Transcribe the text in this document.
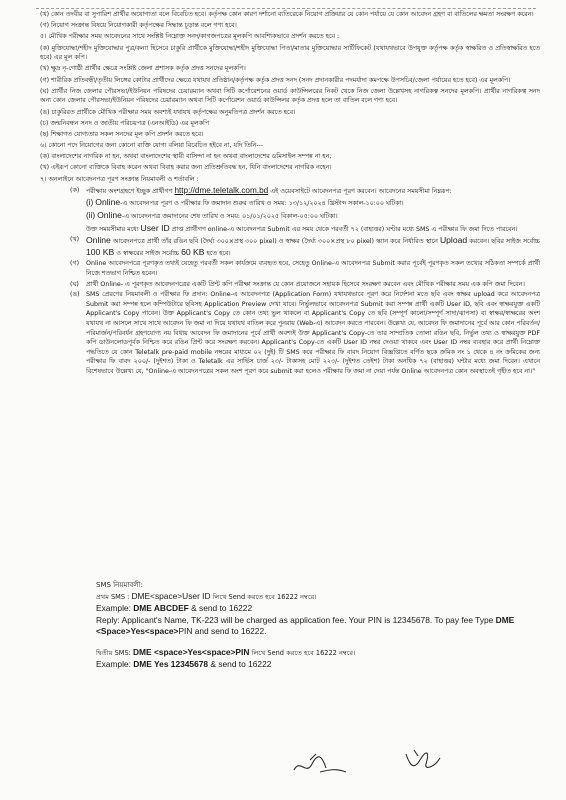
(খ) কোন তদবীর বা সুপারিশ প্রার্থীর অযোগ্যতা বলে বিবেচিত হবে। কর্তৃপক্ষ কোন কারণ দর্শানো ব্যতিরেকে নিয়োগ প্রক্রিয়ার যে কোন পর্যায়ে যে কোন আবেদন গ্রহণ বা বাতিলের ক্ষমতা সংরক্ষণ করেন।
(গ) নিয়োগ সংক্রান্ত বিষয়ে নিয়োগকারী কর্তৃপক্ষের সিদ্ধান্ত চূড়ান্ত বলে গণ্য হবে।
৫। মৌখিক পরীক্ষার সময় আবেদনের সাথে সংশ্লিষ্ট নিম্নোক্ত সনদ/কাগজপত্রের মূলকপি আবশ্যিকভাবে প্রদর্শন করতে হবে :
(ক) মুক্তিযোদ্ধা/শহীদ মুক্তিযোদ্ধার পুত্র/কন্যা হিসেবে চাকুরি প্রার্থীকে মুক্তিযোদ্ধা/শহীদ মুক্তিযোদ্ধা পিতা/মাতার মুক্তিযোদ্ধার সার্টিফিকেট (যথাযথভাবে উপযুক্ত কর্তৃপক্ষ কর্তৃক স্বাক্ষরিত ও প্রতিস্বাক্ষরিত হতে হবে) এর মূল কপি।
(খ) ক্ষুদ্র নৃ-গোষ্ঠী প্রার্থীর ক্ষেত্রে সংশ্লিষ্ট জেলা প্রশাসক কর্তৃক প্রদত্ত সনদের মূলকপি।
(গ) শারীরিক প্রতিবন্ধী/তৃতীয় লিঙ্গের কোটার প্রার্থীদের ক্ষেত্রে যথাযথ প্রতিষ্ঠান/কর্তৃপক্ষ কর্তৃক প্রদত্ত সনদ (সনদ প্রদানকারীর পদমর্যাদা কমপক্ষে উপসচিব/জেলা পর্যায়ের হতে হবে) এর মূলকপি।
(ঘ) প্রার্থীর নিজ জেলার পৌরসভা/ইউনিয়ন পরিষদের চেয়ারম্যান অথবা সিটি কর্পোরেশনের ওয়ার্ড কাউন্সিলরের নিকট থেকে নিজ জেলা উল্লেখসহ নাগরিকত্ব সনদের মূলকপি। প্রার্থীর নাগরিকত্ব সনদ অন্য কোন জেলার পৌরসভা/ইউনিয়ন পরিষদের চেয়ারম্যান অথবা সিটি কর্পোরেশন ওয়ার্ড কাউন্সিলর কর্তৃক প্রদত্ত হলে তা বাতিল বলে গণ্য হবে।
(ঙ) চাকুরিরত প্রার্থীকে মৌখিক পরীক্ষার সময় অবশ্যই যথাযথ কর্তৃপক্ষের অনুমতিপত্র প্রদর্শন করতে হবে।
(চ) জন্মনিবন্ধন সনদ ও জাতীয় পরিচয়পত্র (এনআইডি) এর মূলকপি
(ছ) শিক্ষাগত যোগ্যতার সকল সনদের মূল কপি প্রদর্শন করতে হবে।
৬। কোনো পদে নিয়োগের জন্য কোনো ব্যক্তি যোগ্য বলিয়া বিবেচিত হইবে না, যদি তিনি---
(ক) বাংলাদেশের নাগরিক না হন, অথবা বাংলাদেশের স্থায়ী বাসিন্দা না হন অথবা বাংলাদেশের ডমিসাইল সম্পন্ন না হন;
(খ) এইরূপ কোনো ব্যক্তিকে বিবাহ করেন অথবা বিবাহ করার জন্য প্রতিশ্রুতিবদ্ধ হন, যিনি বাংলাদেশের নাগরিক নহেন।
৭। অনলাইনে আবেদনপত্র পূরণ সংক্রান্ত নিয়মাবলী ও শর্তাবলি :
(ক)	পরীক্ষায় অংশগ্রহণে ইচ্ছুক প্রার্থীগণ http://dme.teletalk.com.bd এই ওয়েবসাইটে আবেদনপত্র পূরণ করবেন। আবেদনের সময়সীমা নিম্নরূপ:

(i) Online-এ আবেদনপত্র পূরণ ও পরীক্ষার ফি জমাদান শুরুর তারিখ ও সময়: ১৩/১২/২০২৪ খ্রিস্টাব্দ সকাল-১০:০০ ঘটিকা।

(ii) Online-এ আবেদনপত্র জমাদানের শেষ তারিখ ও সময়: ০১/০১/২০২৫ বিকাল-০৫:০০ ঘটিকা।

উক্ত সময়সীমার মধ্যে User ID প্রাপ্ত প্রার্থীগণ online-এ আবেদনপত্র Submit এর সময় থেকে পরবর্তী ৭২ (বাহাত্তর) ঘণ্টার মধ্যে SMS এ পরীক্ষার ফি জমা দিতে পারবেন।

(খ) Online আবেদনপত্রে প্রার্থী তাঁর রঙিন ছবি (দৈর্ঘ্য ৩০০×প্রস্থ ৩০০ pixel) ও স্বাক্ষর (দৈর্ঘ্য ৩০০×প্রস্থ ৮০ pixel) স্ক্যান করে নির্ধারিত স্থানে Upload করবেন। ছবির সাইজ সর্বোচ্চ 100 KB ও স্বাক্ষরের সাইজ সর্বোচ্চ 60 KB হতে হবে।

(গ)	Online আবেদনপত্রে পূরণকৃত তথ্যই যেহেতু পরবর্তী সকল কার্যক্রমে ব্যবহৃত হবে, সেহেতু Online-এ আবেদনপত্র Submit করার পূর্বেই পূরণকৃত সকল তথ্যের সঠিকতা সম্পর্কে প্রার্থী নিজে শতভাগ নিশ্চিত হবেন।

(ঘ)	প্রার্থী Online- এ পূরণকৃত আবেদনপত্রের একটি প্রিন্ট কপি পরীক্ষা সংক্রান্ত যে কোন প্রয়োজনে সহায়ক হিসেবে সংরক্ষণ করবেন এবং মৌখিক পরীক্ষার সময় এক কপি জমা দিবেন।

(ঙ)	SMS প্রেরণের নিয়মাবলী ও পরীক্ষার ফি প্রদান: Online-এ আবেদনপত্র (Application Form) যথাযথভাবে পূরণ করে নির্দেশনা মতে ছবি এবং স্বাক্ষর upload করে আবেদনপত্র Submit করা সম্পন্ন হলে কম্পিউটারে ছবিসহ Application Preview দেখা যাবে। নির্ভুলভাবে আবেদনপত্র Submit করা সম্পন্ন প্রার্থী একটি User ID, ছবি এবং স্বাক্ষরযুক্ত একটি Applicant's Copy পাবেন। উক্ত Applicant's Copy তে কোন তথ্য ভুল থাকলে বা Applicant's Copy তে ছবি (সম্পূর্ণ কালো/সম্পূর্ণ সাদা/ঝাপসা) বা স্বাক্ষর/স্বাক্ষরের অংশ যথাযথ না আসলে সাথে সাথে আবেদন ফি জমা না দিয়ে যথাযথ বাতিল করে পুনরায় (Web-এ) আবেদন করতে পারবেন। উল্লেখ্য যে, আবেদন ফি জমাদানের পূর্বে আর কোন পরিবর্তন/পরিমার্জন/পরিবর্ধন গ্রহণযোগ্য নয় বিধায় আবেদন ফি জমাদানের পূর্বে প্রার্থী অবশ্যই উক্ত Applicant's Copy-তে তার সাম্প্রতিক তোলা রঙিন ছবি, নির্ভুল তথ্য ও স্বাক্ষরযুক্ত PDF কপি ডাউনলোডপূর্বক নিশ্চিত করে রঙিন প্রিন্ট করে সংরক্ষণ করবেন। Applicant's Copy-তে একটি User ID নম্বর দেওয়া থাকবে এবং User ID নম্বর ব্যবহার করে প্রার্থী নিম্নোক্ত পদ্ধতিতে যে কোন Teletalk pre-paid mobile নম্বরের মাধ্যমে ০২ (দুই) টি SMS করে পরীক্ষার ফি বাবদ নিয়োগ বিজ্ঞপ্তিতে বর্ণিত ছকে ক্রমিক নং ১ থেকে ৪ নং ক্রমিকের জন্য পরীক্ষার ফি বাবদ ২০০/- (দুইশত) টাকা ও Teletalk এর সার্ভিস চার্জ ২৩/- টাকাসহ মোট ২২৩/- (দুইশত তেইশ) টাকা অনধিক ৭২ (বাহাত্তর) ঘন্টার মধ্যে জমা দিবেন। এখানে বিশেষভাবে উল্লেখ্য যে, "Online-এ আবেদনপত্রের সকল অংশ পূরণ করে submit করা হলেও পরীক্ষার ফি জমা না দেয়া পর্যন্ত Online আবেদনপত্র কোন অবস্থাতেই গৃহীত হবে না।"

SMS নিয়মাবলী:

প্রথম SMS : DME<space>User ID লিখে Send করতে হবে 16222 নম্বরে।

Example: DME ABCDEF & send to 16222

Reply: Applicant's Name, TK-223 will be charged as application fee. Your PIN is 12345678. To pay fee Type DME <Space>Yes<space>PIN and send to 16222.

দ্বিতীয় SMS: DME <space>Yes<space>PIN লিখে Send করতে হবে 16222 নম্বরে।

Example: DME Yes 12345678 & send to 16222
